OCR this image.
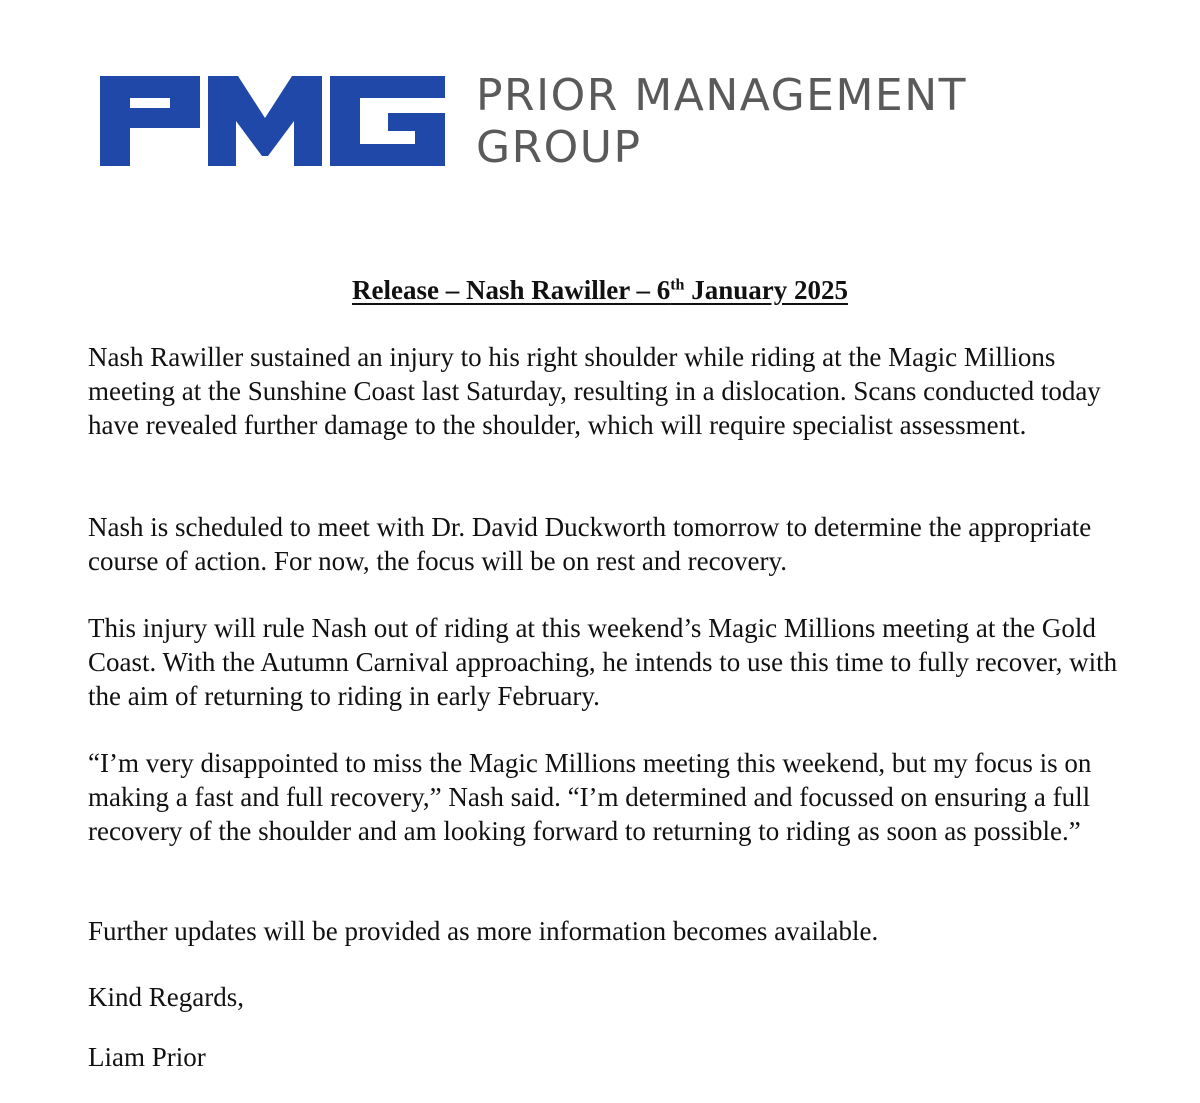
PRIOR MANAGEMENT
GROUP
Release – Nash Rawiller – 6th January 2025

Nash Rawiller sustained an injury to his right shoulder while riding at the Magic Millions meeting at the Sunshine Coast last Saturday, resulting in a dislocation. Scans conducted today have revealed further damage to the shoulder, which will require specialist assessment.

Nash is scheduled to meet with Dr. David Duckworth tomorrow to determine the appropriate course of action. For now, the focus will be on rest and recovery.

This injury will rule Nash out of riding at this weekend’s Magic Millions meeting at the Gold Coast. With the Autumn Carnival approaching, he intends to use this time to fully recover, with the aim of returning to riding in early February.

“I’m very disappointed to miss the Magic Millions meeting this weekend, but my focus is on making a fast and full recovery,” Nash said. “I’m determined and focussed on ensuring a full recovery of the shoulder and am looking forward to returning to riding as soon as possible.”

Further updates will be provided as more information becomes available.

Kind Regards,

Liam Prior
